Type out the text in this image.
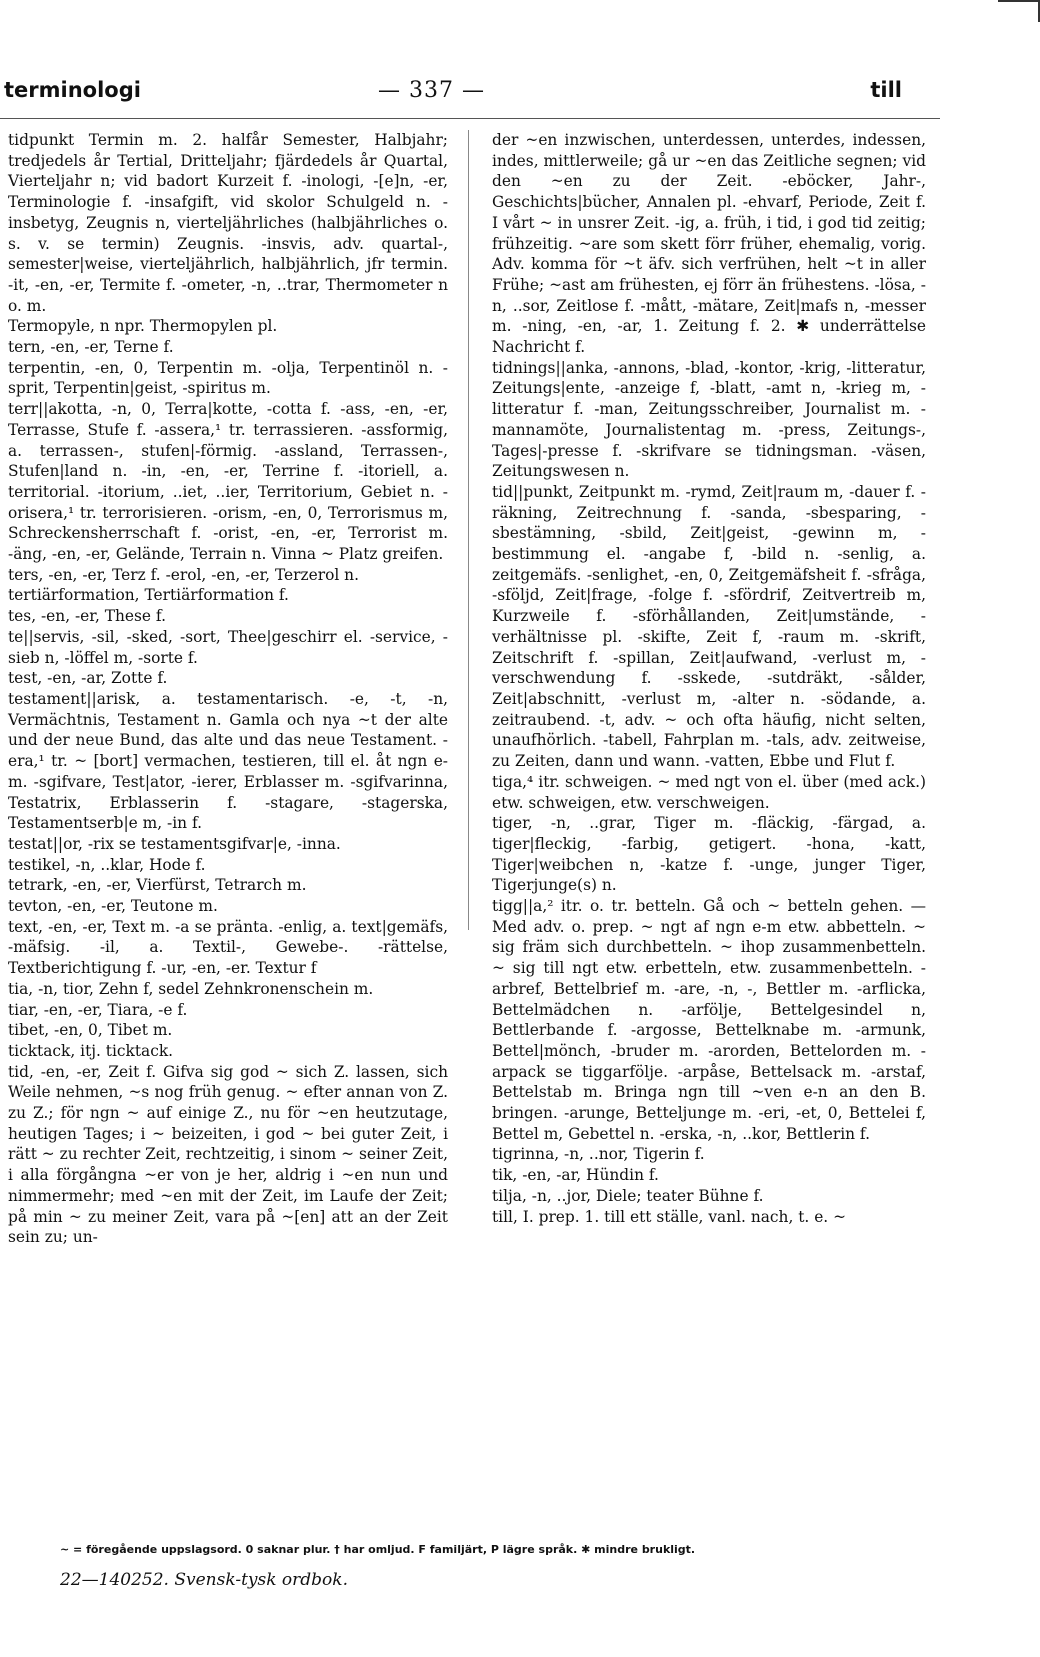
terminologi	— 337 —	till

tidpunkt Termin m. 2. halfår Semester, Halbjahr; tredjedels år Tertial, Dritteljahr; fjärdedels år Quartal, Vierteljahr n; vid badort Kurzeit f. -inologi, -[e]n, -er, Terminologie f. -insafgift, vid skolor Schulgeld n. -insbetyg, Zeugnis n, vierteljährliches (halbjährliches o. s. v. se termin) Zeugnis. -insvis, adv. quartal-, semester|weise, vierteljährlich, halbjährlich, jfr termin. -it, -en, -er, Termite f. -ometer, -n, ..trar, Thermometer n o. m.

Termopyle, n npr. Thermopylen pl.

tern, -en, -er, Terne f.

terpentin, -en, 0, Terpentin m. -olja, Terpentinöl n. -sprit, Terpentin|geist, -spiritus m.

terr||akotta, -n, 0, Terra|kotte, -cotta f. -ass, -en, -er, Terrasse, Stufe f. -assera,¹ tr. terrassieren. -assformig, a. terrassen-, stufen|-förmig. -assland, Terrassen-, Stufen|land n. -in, -en, -er, Terrine f. -itoriell, a. territorial. -itorium, ..iet, ..ier, Territorium, Gebiet n. -orisera,¹ tr. terrorisieren. -orism, -en, 0, Terrorismus m, Schreckensherrschaft f. -orist, -en, -er, Terrorist m. -äng, -en, -er, Gelände, Terrain n. Vinna ~ Platz greifen.

ters, -en, -er, Terz f. -erol, -en, -er, Terzerol n.

tertiärformation, Tertiärformation f.

tes, -en, -er, These f.

te||servis, -sil, -sked, -sort, Thee|geschirr el. -service, -sieb n, -löffel m, -sorte f.

test, -en, -ar, Zotte f.

testament||arisk, a. testamentarisch. -e, -t, -n, Vermächtnis, Testament n. Gamla och nya ~t der alte und der neue Bund, das alte und das neue Testament. -era,¹ tr. ~ [bort] vermachen, testieren, till el. åt ngn e-m. -sgifvare, Test|ator, -ierer, Erblasser m. -sgifvarinna, Testatrix, Erblasserin f. -stagare, -stagerska, Testamentserb|e m, -in f.

testat||or, -rix se testamentsgifvar|e, -inna.

testikel, -n, ..klar, Hode f.

tetrark, -en, -er, Vierfürst, Tetrarch m.

tevton, -en, -er, Teutone m.

text, -en, -er, Text m. -a se pränta. -enlig, a. text|gemäfs, -mäfsig. -il, a. Textil-, Gewebe-. -rättelse, Textberichtigung f. -ur, -en, -er. Textur f

tia, -n, tior, Zehn f, sedel Zehnkronenschein m.

tiar, -en, -er, Tiara, -e f.

tibet, -en, 0, Tibet m.

ticktack, itj. ticktack.

tid, -en, -er, Zeit f. Gifva sig god ~ sich Z. lassen, sich Weile nehmen, ~s nog früh genug. ~ efter annan von Z. zu Z.; för ngn ~ auf einige Z., nu för ~en heutzutage, heutigen Tages; i ~ beizeiten, i god ~ bei guter Zeit, i rätt ~ zu rechter Zeit, rechtzeitig, i sinom ~ seiner Zeit, i alla förgångna ~er von je her, aldrig i ~en nun und nimmermehr; med ~en mit der Zeit, im Laufe der Zeit; på min ~ zu meiner Zeit, vara på ~[en] att an der Zeit sein zu; un-

der ~en inzwischen, unterdessen, unterdes, indessen, indes, mittlerweile; gå ur ~en das Zeitliche segnen; vid den ~en zu der Zeit. -eböcker, Jahr-, Geschichts|bücher, Annalen pl. -ehvarf, Periode, Zeit f. I vårt ~ in unsrer Zeit. -ig, a. früh, i tid, i god tid zeitig; frühzeitig. ~are som skett förr früher, ehemalig, vorig. Adv. komma för ~t äfv. sich verfrühen, helt ~t in aller Frühe; ~ast am frühesten, ej förr än frühestens. -lösa, -n, ..sor, Zeitlose f. -mått, -mätare, Zeit|mafs n, -messer m. -ning, -en, -ar, 1. Zeitung f. 2. ✱ underrättelse Nachricht f.

tidnings||anka, -annons, -blad, -kontor, -krig, -litteratur, Zeitungs|ente, -anzeige f, -blatt, -amt n, -krieg m, -litteratur f. -man, Zeitungsschreiber, Journalist m. -mannamöte, Journalistentag m. -press, Zeitungs-, Tages|-presse f. -skrifvare se tidningsman. -väsen, Zeitungswesen n.

tid||punkt, Zeitpunkt m. -rymd, Zeit|raum m, -dauer f. -räkning, Zeitrechnung f. -sanda, -sbesparing, -sbestämning, -sbild, Zeit|geist, -gewinn m, -bestimmung el. -angabe f, -bild n. -senlig, a. zeitgemäfs. -senlighet, -en, 0, Zeitgemäfsheit f. -sfråga, -sföljd, Zeit|frage, -folge f. -sfördrif, Zeitvertreib m, Kurzweile f. -sförhållanden, Zeit|umstände, -verhältnisse pl. -skifte, Zeit f, -raum m. -skrift, Zeitschrift f. -spillan, Zeit|aufwand, -verlust m, -verschwendung f. -sskede, -sutdräkt, -sålder, Zeit|abschnitt, -verlust m, -alter n. -södande, a. zeitraubend. -t, adv. ~ och ofta häufig, nicht selten, unaufhörlich. -tabell, Fahrplan m. -tals, adv. zeitweise, zu Zeiten, dann und wann. -vatten, Ebbe und Flut f.

tiga,⁴ itr. schweigen. ~ med ngt von el. über (med ack.) etw. schweigen, etw. verschweigen.

tiger, -n, ..grar, Tiger m. -fläckig, -färgad, a. tiger|fleckig, -farbig, getigert. -hona, -katt, Tiger|weibchen n, -katze f. -unge, junger Tiger, Tigerjunge(s) n.

tigg||a,² itr. o. tr. betteln. Gå och ~ betteln gehen. — Med adv. o. prep. ~ ngt af ngn e-m etw. abbetteln. ~ sig främ sich durchbetteln. ~ ihop zusammenbetteln. ~ sig till ngt etw. erbetteln, etw. zusammenbetteln. -arbref, Bettelbrief m. -are, -n, -, Bettler m. -arflicka, Bettelmädchen n. -arfölje, Bettelgesindel n, Bettlerbande f. -argosse, Bettelknabe m. -armunk, Bettel|mönch, -bruder m. -arorden, Bettelorden m. -arpack se tiggarfölje. -arpåse, Bettelsack m. -arstaf, Bettelstab m. Bringa ngn till ~ven e-n an den B. bringen. -arunge, Betteljunge m. -eri, -et, 0, Bettelei f, Bettel m, Gebettel n. -erska, -n, ..kor, Bettlerin f.

tigrinna, -n, ..nor, Tigerin f.

tik, -en, -ar, Hündin f.

tilja, -n, ..jor, Diele; teater Bühne f.

till, I. prep. 1. till ett ställe, vanl. nach, t. e. ~

~ = föregående uppslagsord. 0 saknar plur. † har omljud. F familjärt, P lägre språk. ✱ mindre brukligt.
22—140252. Svensk-tysk ordbok.
